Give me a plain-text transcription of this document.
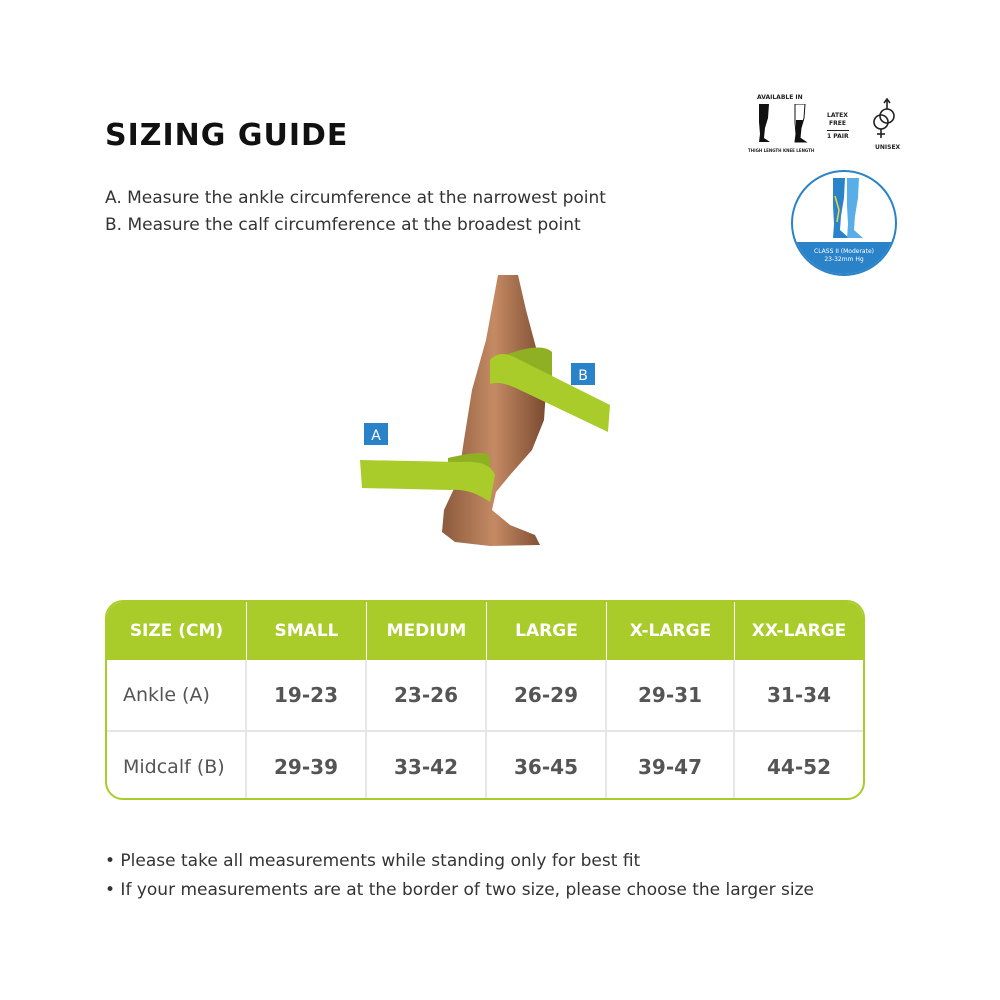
SIZING GUIDE

A. Measure the ankle circumference at the narrowest point

B. Measure the calf circumference at the broadest point

AVAILABLE IN
THIGH LENGTH KNEE LENGTH
LATEX
FREE
1 PAIR
UNISEX
CLASS II (Moderate)
23-32mm Hg
A
B
SIZE (CM)	SMALL	MEDIUM	LARGE	X-LARGE	XX-LARGE
Ankle (A)	19-23	23-26	26-29	29-31	31-34
Midcalf (B)	29-39	33-42	36-45	39-47	44-52

• Please take all measurements while standing only for best fit

• If your measurements are at the border of two size, please choose the larger size
